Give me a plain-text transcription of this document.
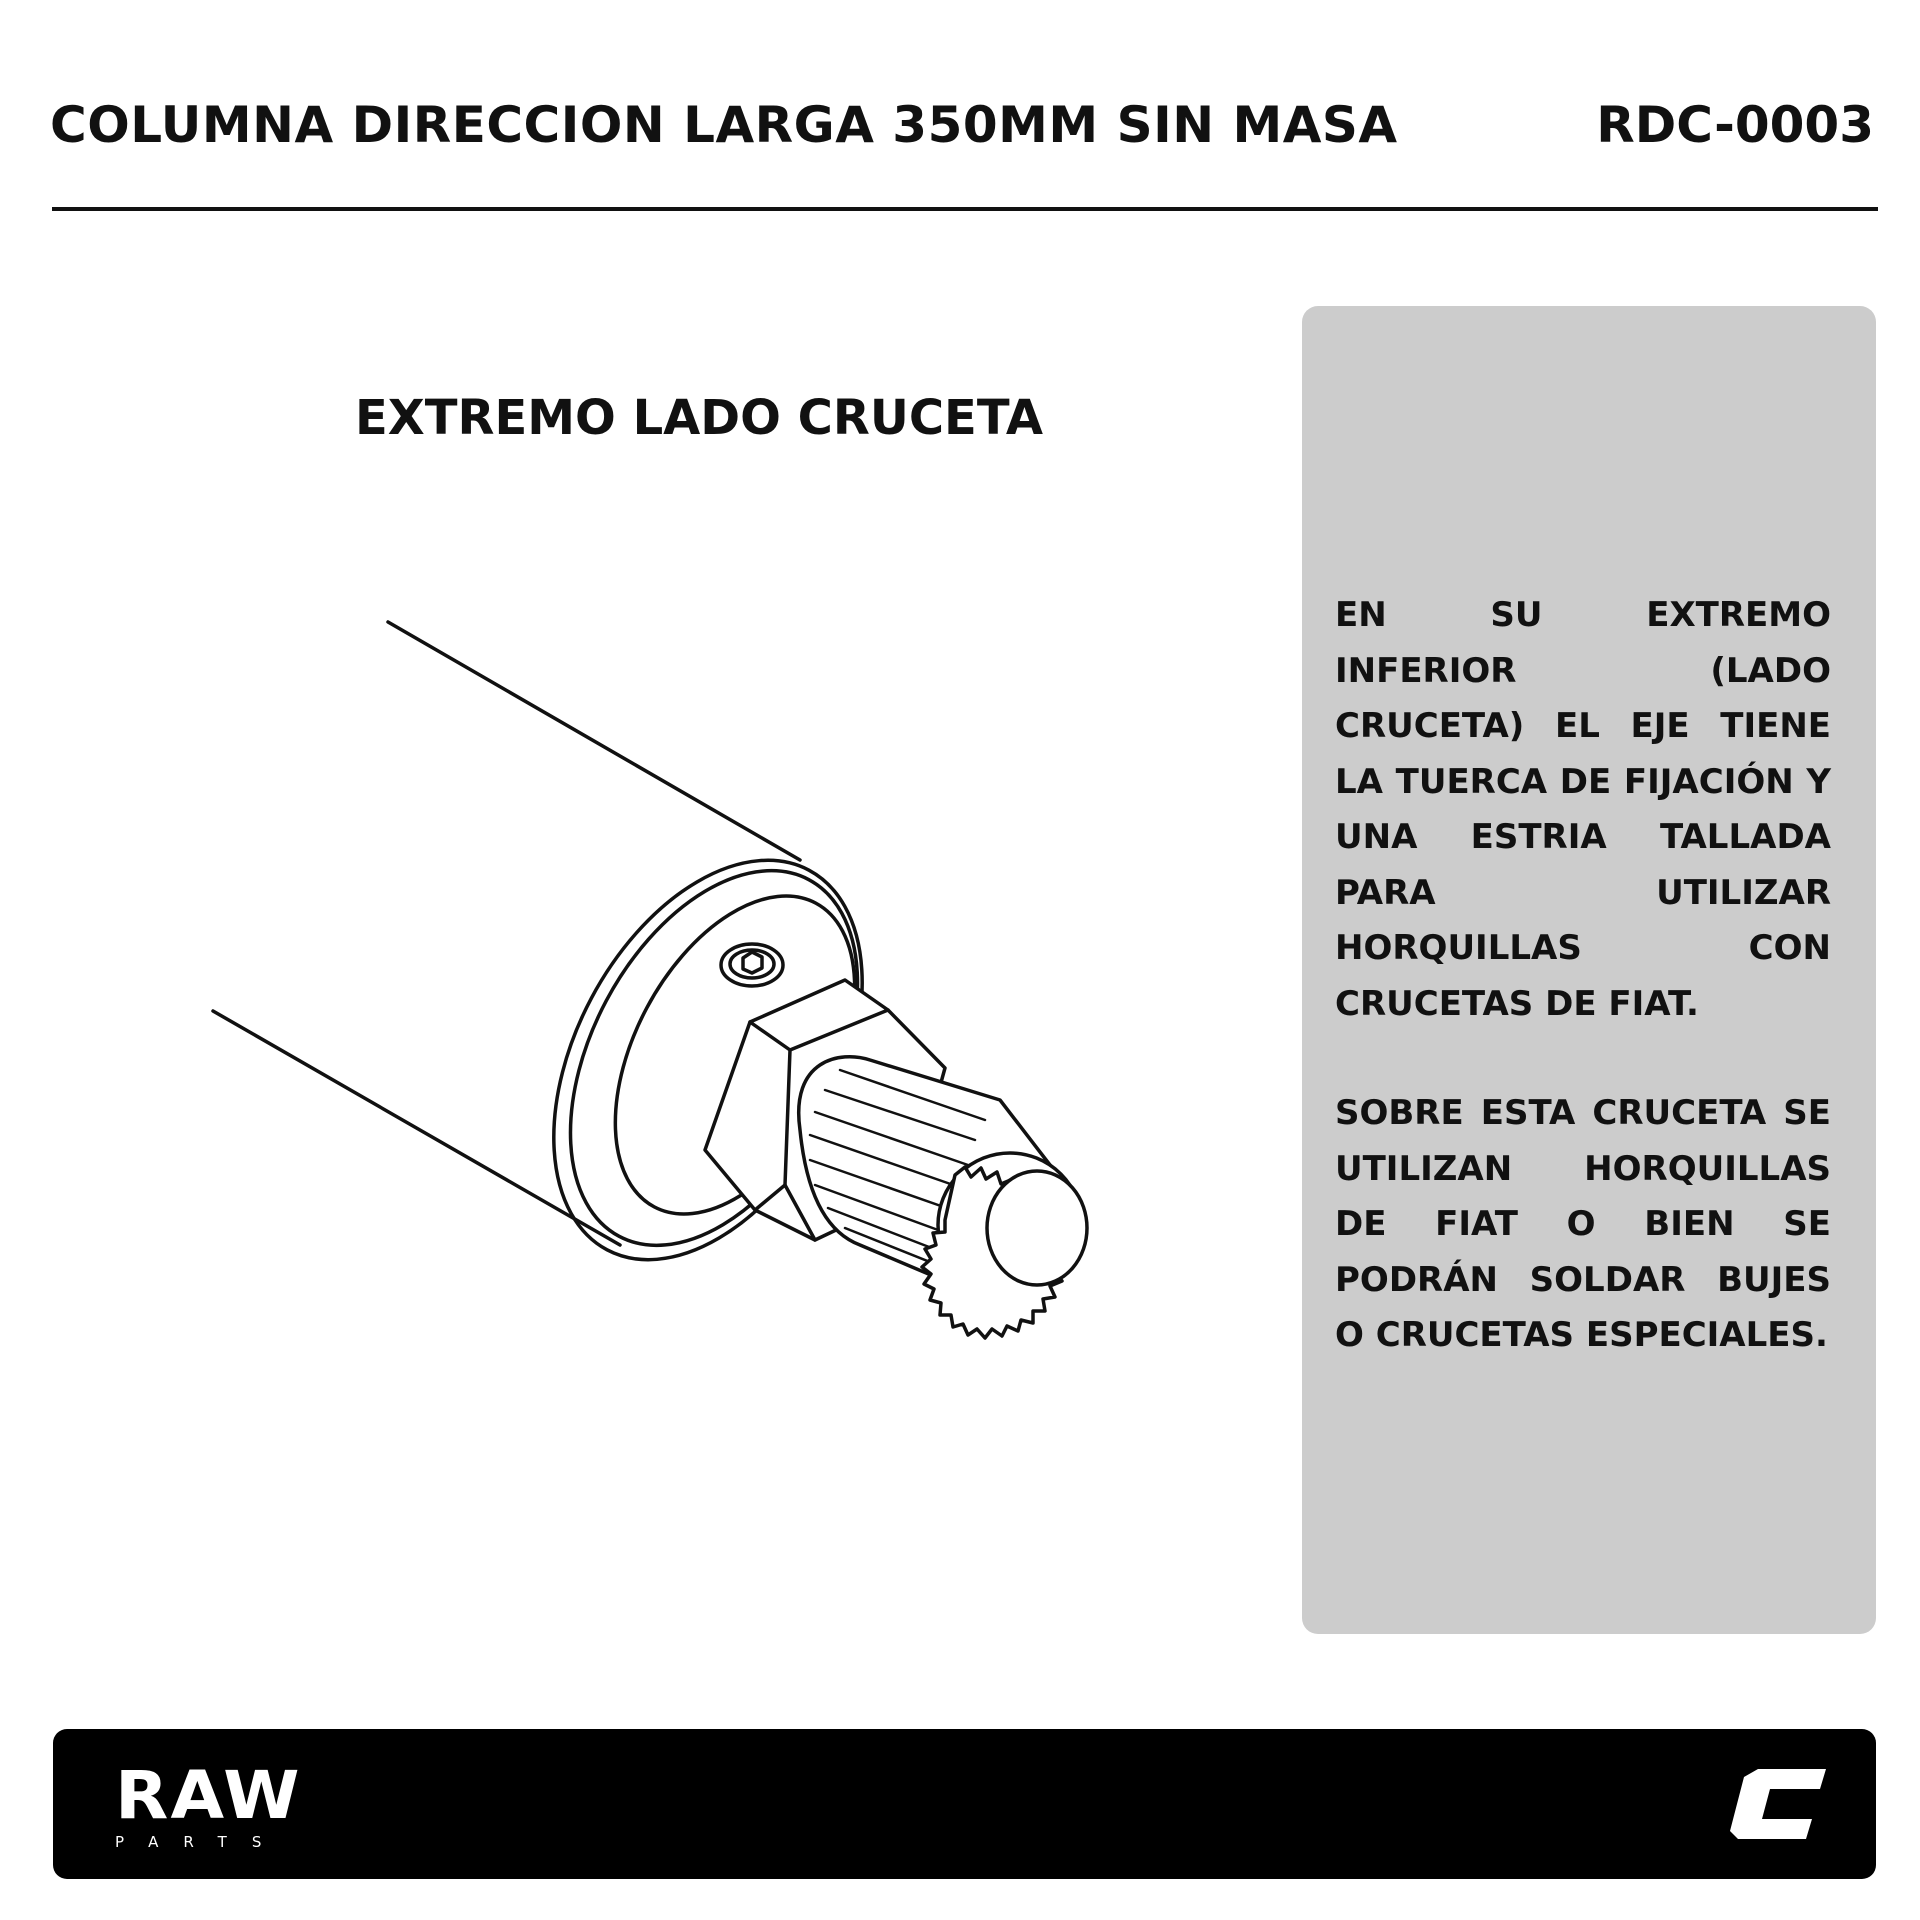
COLUMNA DIRECCION LARGA 350MM SIN MASA	RDC-0003
EXTREMO LADO CRUCETA
EN SU EXTREMO INFERIOR (LADO CRUCETA) EL EJE TIENE LA TUERCA DE FIJACIÓN Y UNA ESTRIA TALLADA PARA UTILIZAR HORQUILLAS CON CRUCETAS DE FIAT.
SOBRE ESTA CRUCETA SE UTILIZAN HORQUILLAS DE FIAT O BIEN SE PODRÁN SOLDAR BUJES O CRUCETAS ESPECIALES.
RAW
PARTS
